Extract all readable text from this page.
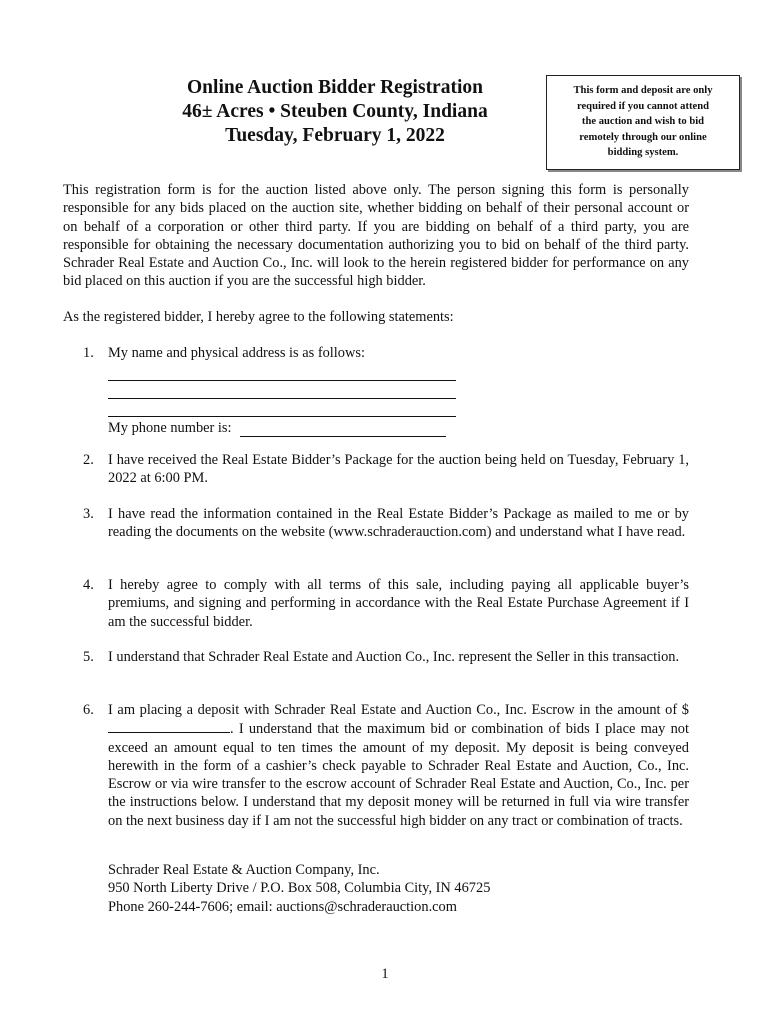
Online Auction Bidder Registration
46± Acres • Steuben County, Indiana
Tuesday, February 1, 2022
This form and deposit are only
required if you cannot attend
the auction and wish to bid
remotely through our online
bidding system.
This registration form is for the auction listed above only. The person signing this form is personally responsible for any bids placed on the auction site, whether bidding on behalf of their personal account or on behalf of a corporation or other third party. If you are bidding on behalf of a third party, you are responsible for obtaining the necessary documentation authorizing you to bid on behalf of the third party. Schrader Real Estate and Auction Co., Inc. will look to the herein registered bidder for performance on any bid placed on this auction if you are the successful high bidder.
As the registered bidder, I hereby agree to the following statements:
1. My name and physical address is as follows:
My phone number is:
2. I have received the Real Estate Bidder’s Package for the auction being held on Tuesday, February 1, 2022 at 6:00 PM.
3. I have read the information contained in the Real Estate Bidder’s Package as mailed to me or by reading the documents on the website (www.schraderauction.com) and understand what I have read.
4. I hereby agree to comply with all terms of this sale, including paying all applicable buyer’s premiums, and signing and performing in accordance with the Real Estate Purchase Agreement if I am the successful bidder.
5. I understand that Schrader Real Estate and Auction Co., Inc. represent the Seller in this transaction.
6. I am placing a deposit with Schrader Real Estate and Auction Co., Inc. Escrow in the amount of $. I understand that the maximum bid or combination of bids I place may not exceed an amount equal to ten times the amount of my deposit. My deposit is being conveyed herewith in the form of a cashier’s check payable to Schrader Real Estate and Auction, Co., Inc. Escrow or via wire transfer to the escrow account of Schrader Real Estate and Auction, Co., Inc. per the instructions below. I understand that my deposit money will be returned in full via wire transfer on the next business day if I am not the successful high bidder on any tract or combination of tracts.
Schrader Real Estate & Auction Company, Inc.
950 North Liberty Drive / P.O. Box 508, Columbia City, IN 46725
Phone 260-244-7606; email: auctions@schraderauction.com
1
